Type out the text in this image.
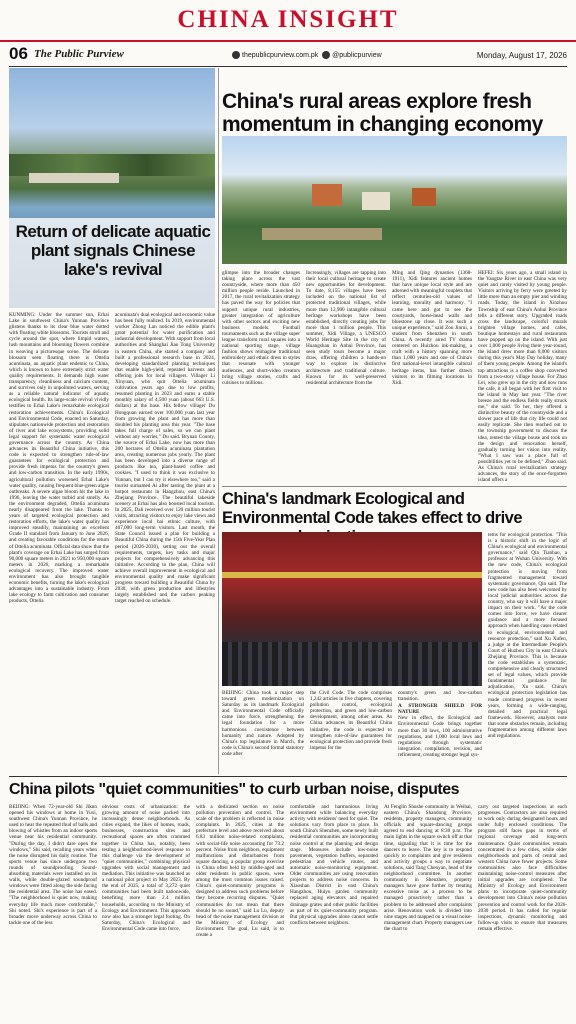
CHINA INSIGHT
06 The Public Purview	thepublicpurview.com.pk @publicpurview	Monday, August 17, 2026
China's rural areas explore fresh momentum in changing economy
Return of delicate aquatic plant signals Chinese lake's revival	glimpse into the broader changes taking place across the vast countryside, where more than 450 million people reside. Launched in 2017, the rural revitalization strategy has paved the way for policies that support unique rural industries, greater integration of agriculture with other sectors and exciting new business models. Football tournaments such as the village super league transform rural squares into a national sporting stage, village fashion shows reimagine traditional embroidery and ethnic dress in styles that resonate with younger audiences, and short-video creators bring village stories, crafts and cuisines to millions.
Increasingly, villages are tapping into their local cultural heritage to create new opportunities for development. To date, 8,155 villages have been included on the national list of protected traditional villages, while more than 12,900 intangible cultural heritage workshops have been established, directly creating jobs for more than 1 million people. This summer, Xidi Village, a UNESCO World Heritage Site in the city of Huangshan in Anhui Province, has seen study tours become a major draw, offering children a hands-on way to explore its distinctive architecture and traditional culture. Known for its well-preserved residential architecture from the
Ming and Qing dynasties (1368-1911), Xidi features ancient homes that have unique local style and are adorned with meaningful couplets that reflect centuries-old values of learning, morality and harmony. "I came here and got to see the courtyards, horse-head walls and bluestone up close. It was such a unique experience," said Zou Jinrui, a student from Shenzhen in south China. A recently aired TV drama centered on Huizhou ink-making, a craft with a history spanning more than 1,000 years and one of China's first national-level intangible cultural heritage items, has further drawn visitors to its filming locations in Xidi.
HEFEI: Six years ago, a small island in the Yangtze River in east China was very quiet and rarely visited by young people. Visitors arriving by ferry were greeted by little more than an empty pier and winding roads. Today, the island in Xinzhou Township of east China's Anhui Province tells a different story. Upgraded roads cross the landscape, colorful murals brighten village homes, and cafes, boutique homestays and rural restaurants have popped up on the island. With just over 1,000 people living there year-round, the island drew more than 8,000 visitors during this year's May Day holiday, many of them young people. Among the island's top attractions is a coffee shop converted from a two-story village house. For Zhao Lei, who grew up in the city and now runs the cafe, it all began with her first visit to the island in May last year. "The river breeze and the endless fields really struck me," she said. To her, they offered a distinctive beauty of the countryside and a slower pace of life that city life could not easily replicate. She then reached out to the township government to discuss the idea, rented the village house and took on the design and renovation herself, gradually turning her vision into reality. "What I saw was a place full of possibilities yet to be defined," Zhao said. As China's rural revitalization strategy advances, the story of the once-forgotten island offers a
KUNMING: Under the summer sun, Erhai Lake in southwest China's Yunnan Province glistens thanks to its clear blue water dotted with floating white blossoms. Tourists stroll and cycle around the spot, where limpid waters, lush mountains and blooming flowers combine in weaving a picturesque scene. The delicate blossom seen floating there is Ottelia acuminata, an aquatic plant endemic to China, which is known to have extremely strict water quality requirements. It demands high water transparency, cleanliness and calcium content, and survives only in unpolluted waters, serving as a reliable natural indicator of aquatic ecological health. Its large-scale revival vividly testifies to Erhai Lake's remarkable ecological restoration achievements. China's Ecological and Environmental Code, enacted on Saturday, stipulates nationwide protection and restoration of river and lake ecosystems, providing solid legal support for systematic water ecological governance across the country. As China advances its Beautiful China initiative, this code is expected to strengthen rule-of-law guarantees for ecological protection and provide fresh impetus for the country's green and low-carbon transition. In the early 1990s, agricultural pollution worsened Erhai Lake's water quality, causing frequent blue-green algae outbreaks. A severe algae bloom hit the lake in 1996, leaving the water turbid and smelly. As the environment degraded, Ottelia acuminata nearly disappeared from the lake. Thanks to years of targeted ecological protection and restoration efforts, the lake's water quality has improved steadily, maintaining an excellent Grade II standard from January to June 2026, and creating favorable conditions for the return of Ottelia acuminata. Official data show that the plant's coverage on Erhai Lake has surged from 90,000 square meters in 2021 to 950,000 square meters in 2026, marking a remarkable ecological recovery. The improved water environment has also brought tangible economic benefits, turning the lake's ecological advantages into a sustainable industry. From lake ecology to farm cultivation and consumer products, Ottelia
acuminata's dual ecological and economic value has been fully realized. In 2019, environmental worker Zhong Lan noticed the edible plant's great potential for water purification and industrial development. With support from local authorities and Shanghai Jiao Tong University in eastern China, she started a company and built a professional research base in 2024, developing standardized planting techniques that enable high-yield, repeated harvests and offering jobs for local villagers. Villager Li Xinyuan, who quit Ottelia acuminata cultivation years ago due to low profits, resumed planting in 2023 and earns a stable monthly salary of 4,500 yuan (about 663 U.S. dollars) at the base. His fellow villager Du Hongquan earned over 100,000 yuan last year from growing the plant and has more than doubled his planting area this year. "The base takes full charge of sales, so we can plant without any worries," Du said. Bryuan County, the source of Erhai Lake, now has more than 200 hectares of Ottelia acuminata plantation area, creating numerous jobs yearly. The plant has been developed into a diverse range of products like tea, plant-based coffee and cookies. "I used to think it was exclusive to Yunnan, but I can try it elsewhere too," said a tourist surnamed Ai after tasting the plant at a hotpot restaurant in Hangzhou, east China's Zhejiang Province. The beautiful lakeside scenery at Erhai has also boosted local tourism. In 2025, Dali received over 120 million tourist visits, attracting visitors to enjoy lake views and experience local bai ethnic culture, with 407,000 long-term visitors. Last month, the State Council issued a plan for building a Beautiful China during the 15th Five-Year Plan period (2026-2030), setting out the overall requirements, targets, key tasks and major projects for comprehensively advancing this initiative. According to the plan, China will achieve overall improvement in ecological and environmental quality and make significant progress toward building a Beautiful China by 2030, with green production and lifestyles largely established and the carbon peaking target reached on schedule.
China's landmark Ecological and Environmental Code takes effect to drive
BEIJING: China took a major step toward green modernization on Saturday as its landmark Ecological and Environmental Code officially came into force, strengthening the legal foundation for a more harmonious coexistence between humanity and nature. Adopted by China's top legislature in March, the code is China's second formal statutory code after
the Civil Code. The code comprises 1,242 articles in five chapters, covering pollution control, ecological protection, and green and low-carbon development, among other areas. As China advances its Beautiful China initiative, the code is expected to strengthen rule-of-law guarantees for ecological protection and provide fresh impetus for the
country's green and low-carbon transition.
A STRONGER SHIELD FOR NATURE
New in effect, the Ecological and Environmental Code brings together more than 30 laws, 100 administrative regulations, and 1,000 local laws and regulations through systematic integration, compilation, revision, and refinement, creating stronger legal sys-
tems for ecological protection. "This is a historic shift in the logic of China's ecological and environmental governance," said Qin Tianbao, a professor at Wuhan University. With the new code, China's ecological protection is moving from fragmented management toward systematic governance, Qin said. The new code has also been welcomed by local judicial authorities across the country, who say it will have a major impact on their work. "As the code comes into force, we have clearer guidance and a more focused approach when handling cases related to ecological, environmental and resource protection," said Xu Xufen, a judge at the Intermediate People's Court of Huzhou City in east China's Zhejiang Province. This is because the code establishes a systematic, comprehensive and clearly structured set of legal values, which provide fundamental guidance for adjudication, Xu said. China's ecological protection legislation has made continued progress in recent years, forming a wide-ranging, detailed and practical legal framework. However, analysts note that some obstacles remain, including fragmentation among different laws and regulations.
China pilots "quiet communities" to curb urban noise, disputes
BEIJING: When 72-year-old Shi Jikun opened his windows at home in Yuxi, southwest China's Yunnan Province, he used to hear the repeated thud of balls and blowing of whistles from an indoor sports venue near his residential community. "During the day, I didn't dare open the windows," Shi said, recalling years when the noise disrupted his daily routine. The sports venue has since undergone two rounds of soundproofing. Sound-absorbing materials were installed on its walls, while double-glazed soundproof windows were fitted along the side facing the residential area. The noise has eased. "The neighborhood is quiet now, making everyday life much more comfortable," Shi noted. Shi's experience is part of a broader move underway across China to tackle one of the less
obvious costs of urbanization: the growing amount of noise packed into increasingly dense neighborhoods. As cities expand, the likes of homes, roads, businesses, construction sites and recreational spaces are often crammed together in China has, notably, been testing a neighborhood-level response to this challenge via the development of "quiet communities," combining physical upgrades with social management and mediation. This initiative was launched as a national pilot project in May 2023. By the end of 2025, a total of 3,272 quiet communities had been built nationwide, benefiting more than 2.4 million households, according to the Ministry of Ecology and Environment. This approach now also has a stronger legal footing. On Saturday, China's Ecological and Environmental Code came into force,
with a dedicated section on noise pollution prevention and control. The scale of the problem is reflected in noise complaints. In 2025, cities at the prefecture level and above received about 6.83 million noise-related complaints, with social-life noise accounting for 73.2 percent. Noise from neighbors, equipment malfunctions and disturbances from square dancing, a popular group exercise in China often held by middle-aged and older residents in public spaces, were among the most common issues raised. China's quiet-community programs is designed to address such problems before they become recurring disputes. "Quiet communities do not mean that there should be no sound," said Lu Lu, deputy head of the noise management division at the Ministry of Ecology and Environment. The goal, Lu said, is to create a
comfortable and harmonious living environment while balancing everyday activity with residents' need for quiet. The solutions vary from place to place. In south China's Shenzhen, some newly built residential communities are incorporating noise control at the planning and design stage. Measures include low-noise pavements, vegetation buffers, separated pedestrian and vehicle routes, and automatic noise-monitoring equipment. Older communities are using renovation projects to address noise concerns. In Xiaoshan District in east China's Hangzhou, Huiyu garden community replaced aging elevators and repaired drainage grates and other public facilities as part of its quiet-community program. But physical upgrades alone cannot settle conflicts between neighbors.
At Fenglin Shushe community in Weihai, eastern China's Shandong Province, residents, property managers, community officials and square-dancing groups agreed to end dancing at 8:30 p.m. The main lights in the square switch off at that time, signaling that it is time for the dancers to leave. The key is to respond quickly to complaints and give residents and activity groups a way to negotiate solutions, said Tang Chenyan, head of the neighborhood committee. In another community in Shenzhen, property managers have gone further by treating excessive noise as a process to be managed proactively rather than a problem to be addressed after complaints arise. Renovation work is divided into nine stages and mapped on a visual noise-management chart. Property managers use the chart to
carry out targeted inspections at each progresses. Contractors are also required to work only during designated hours and under fully enclosed conditions. The program still faces gaps in terms of regional coverage and long-term maintenance. Quiet communities remain concentrated in a few cities, while older neighborhoods and parts of central and western China have fewer projects. Some communities also face difficulties maintaining noise-control measures after initial upgrades are completed. The Ministry of Ecology and Environment plans to incorporate quiet-community development into China's noise pollution prevention and control work for the 2026-2030 period. It has called for regular inspections, dynamic monitoring and follow-up visits to ensure that measures remain effective.
